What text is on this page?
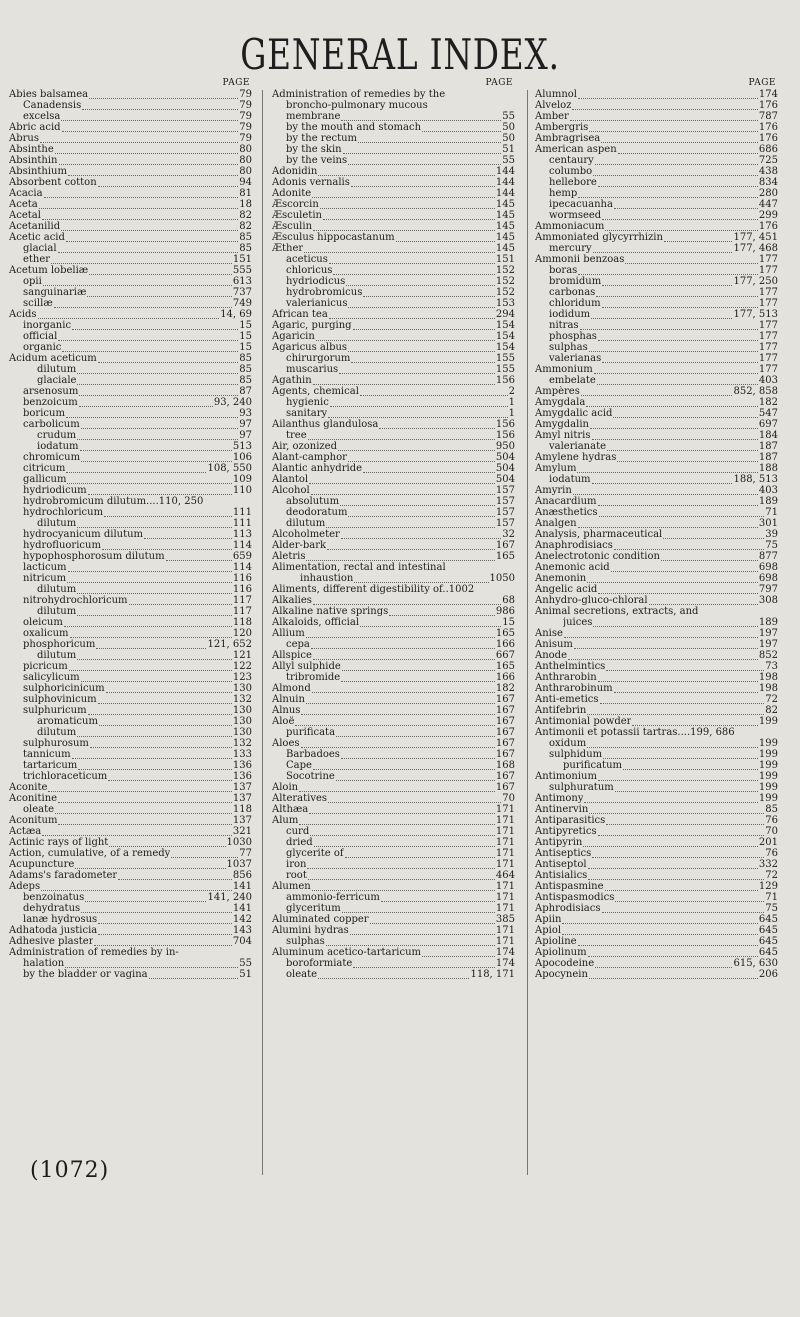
GENERAL INDEX.
PAGE
Abies balsamea	79
Canadensis	79
excelsa	79
Abric acid	79
Abrus	79
Absinthe	80
Absinthin	80
Absinthium	80
Absorbent cotton	94
Acacia	81
Aceta	18
Acetal	82
Acetanilid	82
Acetic acid	85
glacial	85
ether	151
Acetum lobeliæ	555
opii	613
sanguinariæ	737
scillæ	749
Acids	14, 69
inorganic	15
official	15
organic	15
Acidum aceticum	85
dilutum	85
glaciale	85
arsenosum	87
benzoicum	93, 240
boricum	93
carbolicum	97
crudum	97
iodatum	513
chromicum	106
citricum	108, 550
gallicum	109
hydriodicum	110
hydrobromicum dilutum....110, 250
hydrochloricum	111
dilutum	111
hydrocyanicum dilutum	113
hydrofluoricum	114
hypophosphorosum dilutum	659
lacticum	114
nitricum	116
dilutum	116
nitrohydrochloricum	117
dilutum	117
oleicum	118
oxalicum	120
phosphoricum	121, 652
dilutum	121
picricum	122
salicylicum	123
sulphoricinicum	130
sulphovinicum	132
sulphuricum	130
aromaticum	130
dilutum	130
sulphurosum	132
tannicum	133
tartaricum	136
trichloraceticum	136
Aconite	137
Aconitine	137
oleate	118
Aconitum	137
Actæa	321
Actinic rays of light	1030
Action, cumulative, of a remedy	77
Acupuncture	1037
Adams's faradometer	856
Adeps	141
benzoinatus	141, 240
dehydratus	141
lanæ hydrosus	142
Adhatoda justicia	143
Adhesive plaster	704
Administration of remedies by in-
halation	55
by the bladder or vagina	51
PAGE
Administration of remedies by the
broncho-pulmonary mucous
membrane	55
by the mouth and stomach	50
by the rectum	50
by the skin	51
by the veins	55
Adonidin	144
Adonis vernalis	144
Adonite	144
Æscorcin	145
Æsculetin	145
Æsculin	145
Æsculus hippocastanum	145
Æther	145
aceticus	151
chloricus	152
hydriodicus	152
hydrobromicus	152
valerianicus	153
African tea	294
Agaric, purging	154
Agaricin	154
Agaricus albus	154
chirurgorum	155
muscarius	155
Agathin	156
Agents, chemical	2
hygienic	1
sanitary	1
Ailanthus glandulosa	156
tree	156
Air, ozonized	950
Alant-camphor	504
Alantic anhydride	504
Alantol	504
Alcohol	157
absolutum	157
deodoratum	157
dilutum	157
Alcoholmeter	32
Alder-bark	167
Aletris	165
Alimentation, rectal and intestinal
inhaustion	1050
Aliments, different digestibility of..1002
Alkalies	68
Alkaline native springs	986
Alkaloids, official	15
Allium	165
cepa	166
Allspice	667
Allyl sulphide	165
tribromide	166
Almond	182
Alnuin	167
Alnus	167
Aloë	167
purificata	167
Aloes	167
Barbadoes	167
Cape	168
Socotrine	167
Aloin	167
Alteratives	70
Althæa	171
Alum	171
curd	171
dried	171
glycerite of	171
iron	171
root	464
Alumen	171
ammonio-ferricum	171
glyceritum	171
Aluminated copper	385
Alumini hydras	171
sulphas	171
Aluminum acetico-tartaricum	174
boroformiate	174
oleate	118, 171
PAGE
Alumnol	174
Alveloz	176
Amber	787
Ambergris	176
Ambragrisea	176
American aspen	686
centaury	725
columbo	438
hellebore	834
hemp	280
ipecacuanha	447
wormseed	299
Ammoniacum	176
Ammoniated glycyrrhizin	177, 451
mercury	177, 468
Ammonii benzoas	177
boras	177
bromidum	177, 250
carbonas	177
chloridum	177
iodidum	177, 513
nitras	177
phosphas	177
sulphas	177
valerianas	177
Ammonium	177
embelate	403
Ampères	852, 858
Amygdala	182
Amygdalic acid	547
Amygdalin	697
Amyl nitris	184
valerianate	187
Amylene hydras	187
Amylum	188
iodatum	188, 513
Amyrin	403
Anacardium	189
Anæsthetics	71
Analgen	301
Analysis, pharmaceutical	39
Anaphrodisiacs	75
Anelectrotonic condition	877
Anemonic acid	698
Anemonin	698
Angelic acid	797
Anhydro-gluco-chloral	308
Animal secretions, extracts, and
juices	189
Anise	197
Anisum	197
Anode	852
Anthelmintics	73
Anthrarobin	198
Anthrarobinum	198
Anti-emetics	72
Antifebrin	82
Antimonial powder	199
Antimonii et potassii tartras....199, 686
oxidum	199
sulphidum	199
purificatum	199
Antimonium	199
sulphuratum	199
Antimony	199
Antinervin	85
Antiparasitics	76
Antipyretics	70
Antipyrin	201
Antiseptics	76
Antiseptol	332
Antisialics	72
Antispasmine	129
Antispasmodics	71
Aphrodisiacs	75
Apiin	645
Apiol	645
Apioline	645
Apiolinum	645
Apocodeine	615, 630
Apocynein	206
(1072)
